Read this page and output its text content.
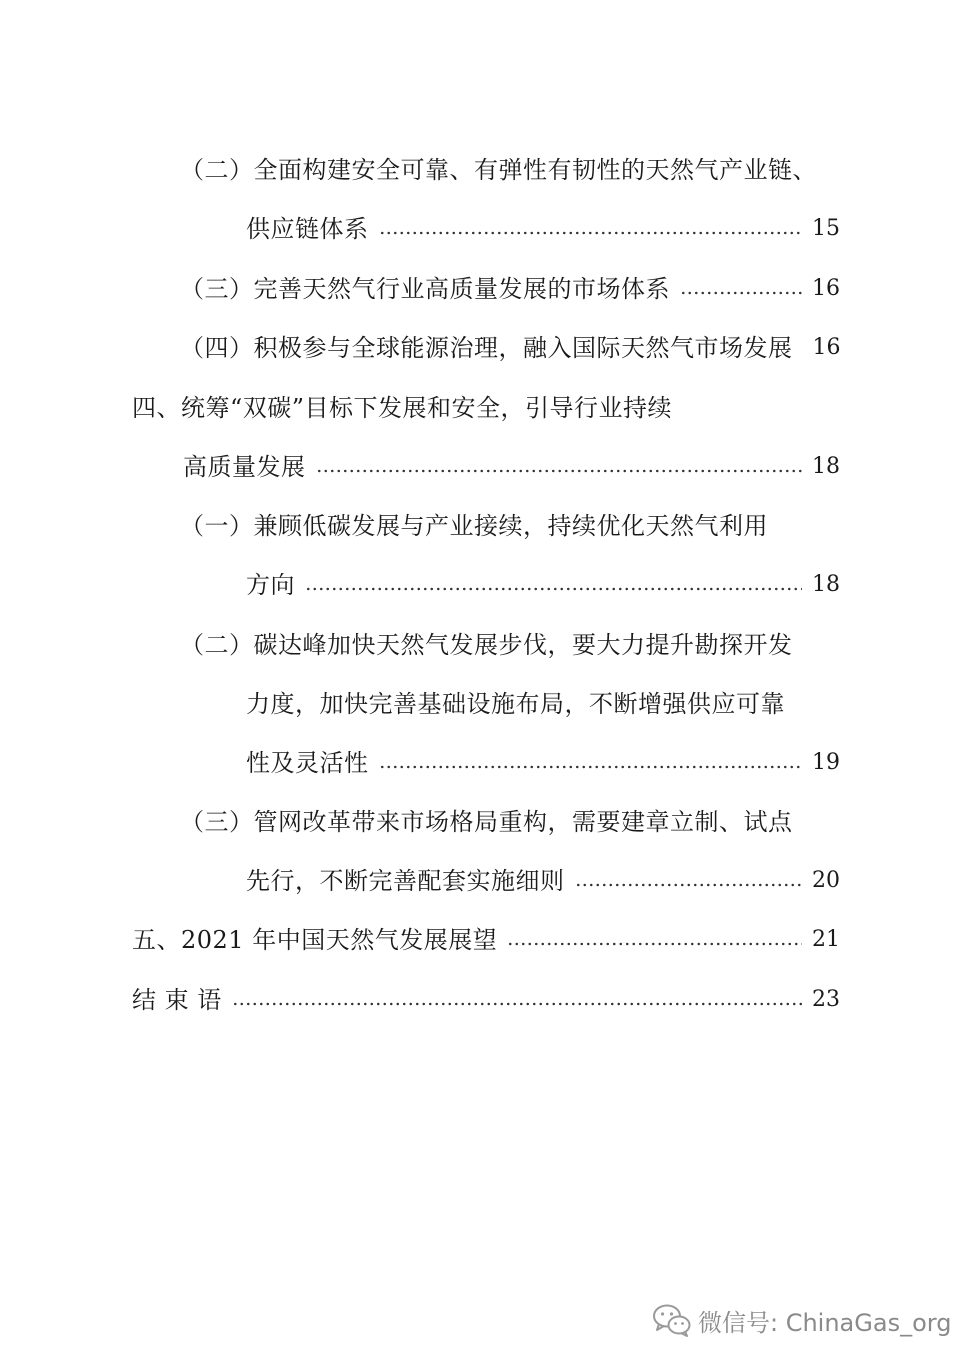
（二）全面构建安全可靠、有弹性有韧性的天然气产业链、
供应链体系	15
（三）完善天然气行业高质量发展的市场体系	16
（四）积极参与全球能源治理，融入国际天然气市场发展 16
四、统筹“双碳”目标下发展和安全，引导行业持续
高质量发展	18
（一）兼顾低碳发展与产业接续，持续优化天然气利用
方向	18
（二）碳达峰加快天然气发展步伐，要大力提升勘探开发
力度，加快完善基础设施布局，不断增强供应可靠
性及灵活性	19
（三）管网改革带来市场格局重构，需要建章立制、试点
先行，不断完善配套实施细则	20
五、2021 年中国天然气发展展望	21
结 束 语	23
微信号: ChinaGas_org
